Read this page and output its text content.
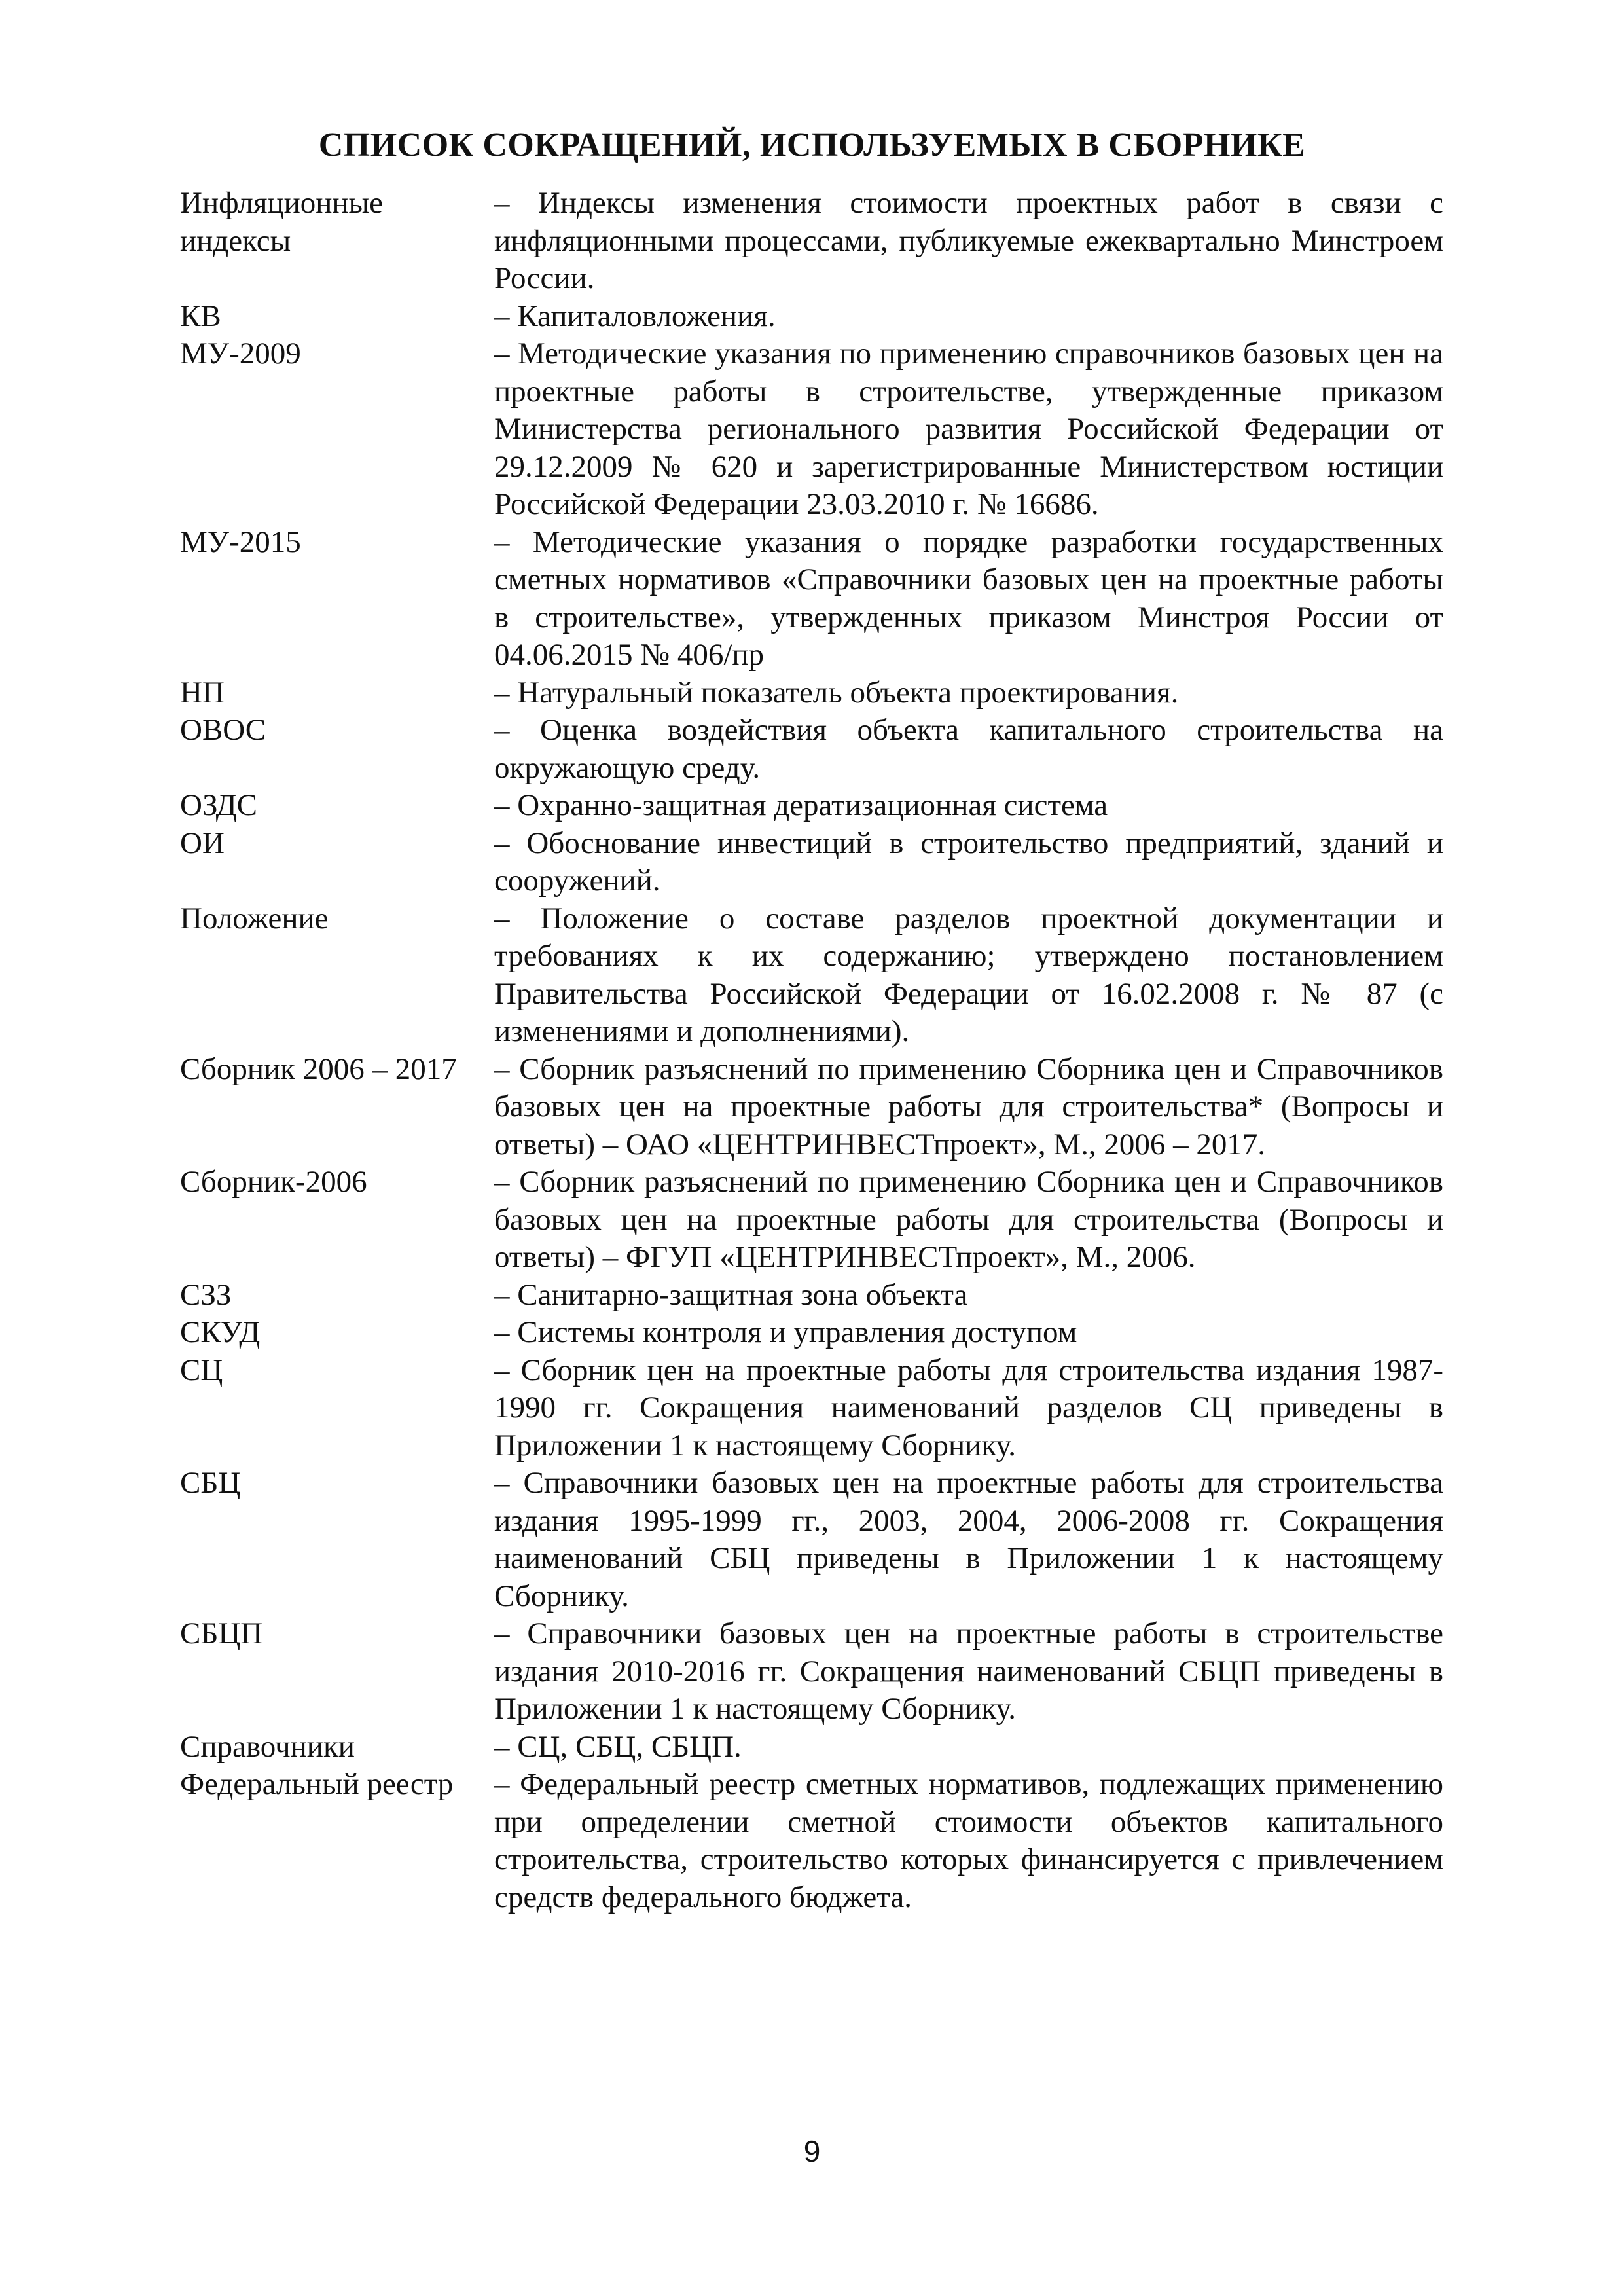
СПИСОК СОКРАЩЕНИЙ, ИСПОЛЬЗУЕМЫХ В СБОРНИКЕ
Инфляционные индексы	– Индексы изменения стоимости проектных работ в связи с инфляционными процессами, публикуемые ежеквартально Минстроем России.
КВ	– Капиталовложения.
МУ-2009	– Методические указания по применению справочников базовых цен на проектные работы в строительстве, утвержденные приказом Министерства регионального развития Российской Федерации от 29.12.2009 № 620 и зарегистрированные Министерством юстиции Российской Федерации 23.03.2010 г. № 16686.
МУ-2015	– Методические указания о порядке разработки государственных сметных нормативов «Справочники базовых цен на проектные работы в строительстве», утвержденных приказом Минстроя России от 04.06.2015 № 406/пр
НП	– Натуральный показатель объекта проектирования.
ОВОС	– Оценка воздействия объекта капитального строительства на окружающую среду.
ОЗДС	– Охранно-защитная дератизационная система
ОИ	– Обоснование инвестиций в строительство предприятий, зданий и сооружений.
Положение	– Положение о составе разделов проектной документации и требованиях к их содержанию; утверждено постановлением Правительства Российской Федерации от 16.02.2008 г. № 87 (с изменениями и дополнениями).
Сборник 2006 – 2017	– Сборник разъяснений по применению Сборника цен и Справочников базовых цен на проектные работы для строительства* (Вопросы и ответы) – ОАО «ЦЕНТРИНВЕСТпроект», М., 2006 – 2017.
Сборник-2006	– Сборник разъяснений по применению Сборника цен и Справочников базовых цен на проектные работы для строительства (Вопросы и ответы) – ФГУП «ЦЕНТРИНВЕСТпроект», М., 2006.
СЗЗ	– Санитарно-защитная зона объекта
СКУД	– Системы контроля и управления доступом
СЦ	– Сборник цен на проектные работы для строительства издания 1987-1990 гг. Сокращения наименований разделов СЦ приведены в Приложении 1 к настоящему Сборнику.
СБЦ	– Справочники базовых цен на проектные работы для строительства издания 1995-1999 гг., 2003, 2004, 2006-2008 гг. Сокращения наименований СБЦ приведены в Приложении 1 к настоящему Сборнику.
СБЦП	– Справочники базовых цен на проектные работы в строительстве издания 2010-2016 гг. Сокращения наименований СБЦП приведены в Приложении 1 к настоящему Сборнику.
Справочники	– СЦ, СБЦ, СБЦП.
Федеральный реестр	– Федеральный реестр сметных нормативов, подлежащих применению при определении сметной стоимости объектов капитального строительства, строительство которых финансируется с привлечением средств федерального бюджета.
9
